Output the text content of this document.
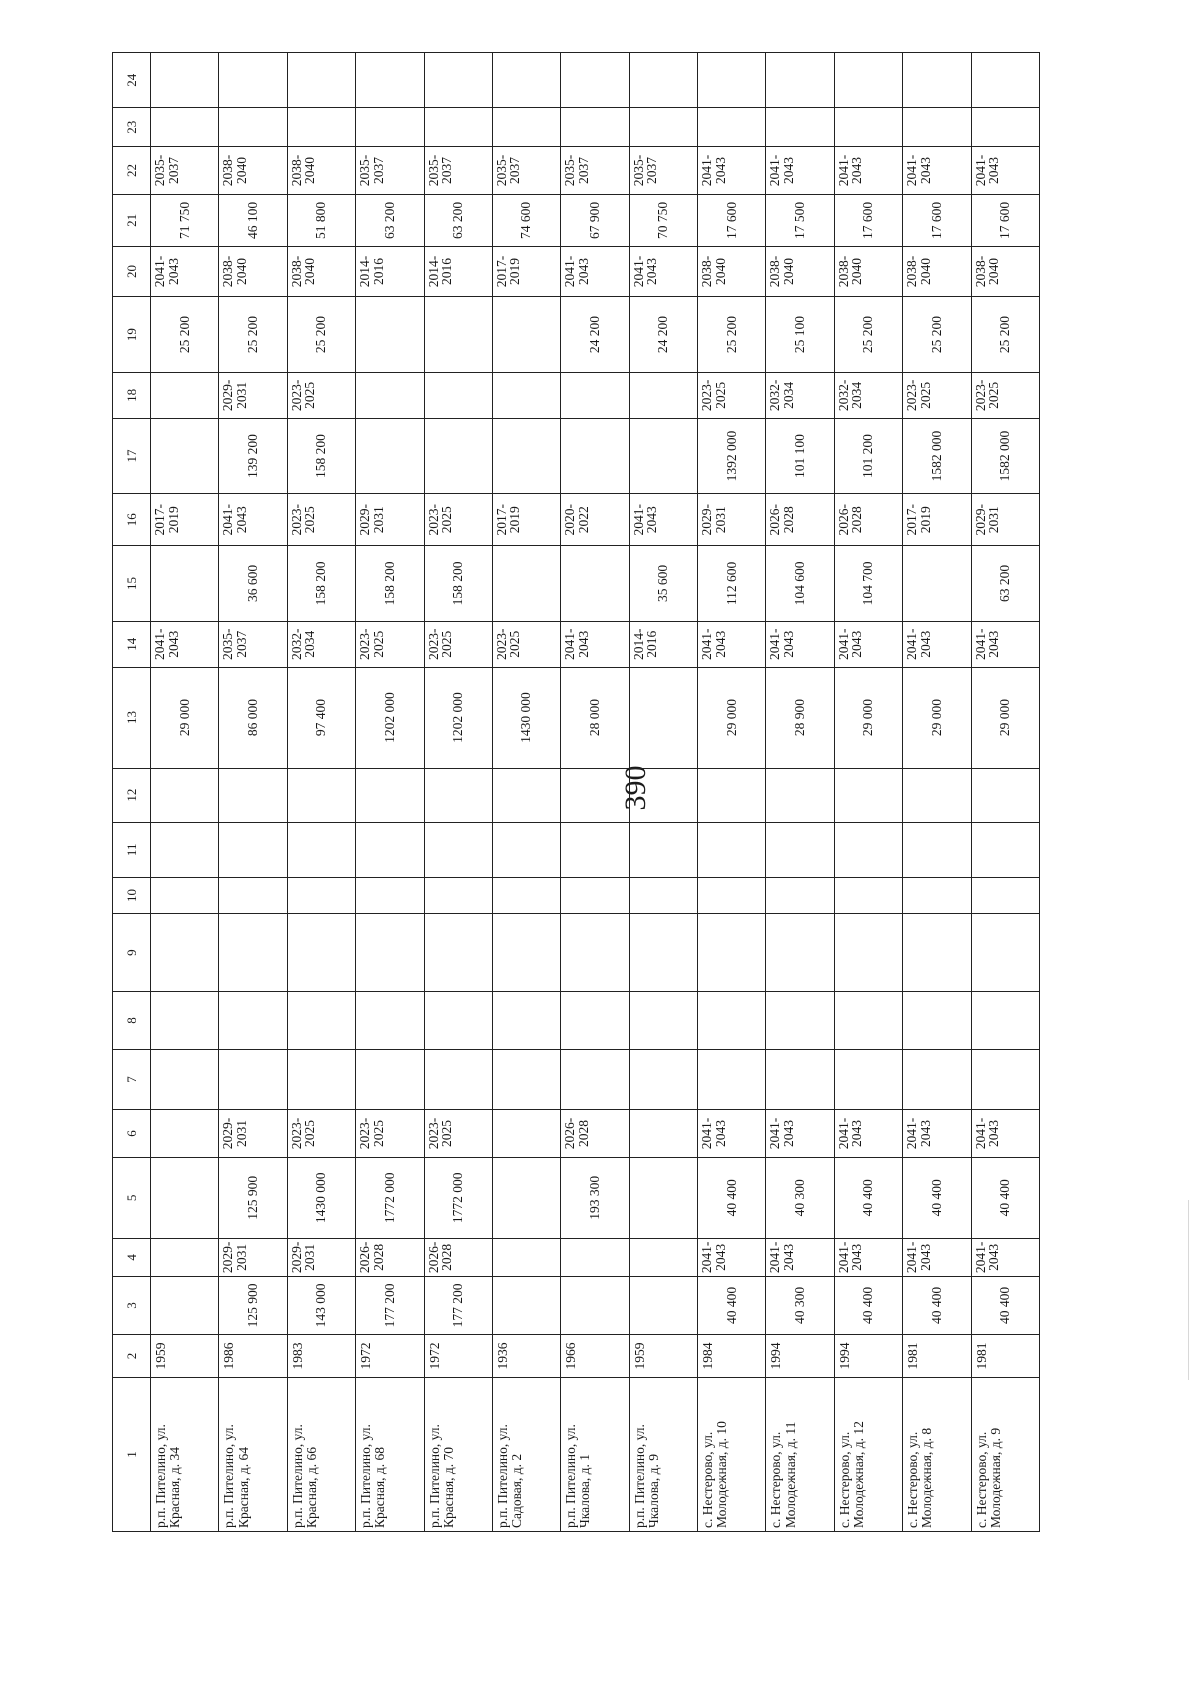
390
1	2	3	4	5	6	7	8	9	10	11	12	13	14	15	16	17	18	19	20	21	22	23	24
р.п. Пителино, ул. Красная, д. 34	1959											29 000	2041-2043		2017-2019			25 200	2041-2043	71 750	2035-2037		
р.п. Пителино, ул. Красная, д. 64	1986	125 900	2029-2031	125 900	2029-2031							86 000	2035-2037	36 600	2041-2043	139 200	2029-2031	25 200	2038-2040	46 100	2038-2040		
р.п. Пителино, ул. Красная, д. 66	1983	143 000	2029-2031	1430 000	2023-2025							97 400	2032-2034	158 200	2023-2025	158 200	2023-2025	25 200	2038-2040	51 800	2038-2040		
р.п. Пителино, ул. Красная, д. 68	1972	177 200	2026-2028	1772 000	2023-2025							1202 000	2023-2025	158 200	2029-2031				2014-2016	63 200	2035-2037		
р.п. Пителино, ул. Красная, д. 70	1972	177 200	2026-2028	1772 000	2023-2025							1202 000	2023-2025	158 200	2023-2025				2014-2016	63 200	2035-2037		
р.п. Пителино, ул. Садовая, д. 2	1936											1430 000	2023-2025		2017-2019				2017-2019	74 600	2035-2037		
р.п. Пителино, ул. Чкалова, д. 1	1966			193 300	2026-2028							28 000	2041-2043		2020-2022			24 200	2041-2043	67 900	2035-2037		
р.п. Пителино, ул. Чкалова, д. 9	1959												2014-2016	35 600	2041-2043			24 200	2041-2043	70 750	2035-2037		
с. Нестерово, ул. Молодежная, д. 10	1984	40 400	2041-2043	40 400	2041-2043							29 000	2041-2043	112 600	2029-2031	1392 000	2023-2025	25 200	2038-2040	17 600	2041-2043		
с. Нестерово, ул. Молодежная, д. 11	1994	40 300	2041-2043	40 300	2041-2043							28 900	2041-2043	104 600	2026-2028	101 100	2032-2034	25 100	2038-2040	17 500	2041-2043		
с. Нестерово, ул. Молодежная, д. 12	1994	40 400	2041-2043	40 400	2041-2043							29 000	2041-2043	104 700	2026-2028	101 200	2032-2034	25 200	2038-2040	17 600	2041-2043		
с. Нестерово, ул. Молодежная, д. 8	1981	40 400	2041-2043	40 400	2041-2043							29 000	2041-2043		2017-2019	1582 000	2023-2025	25 200	2038-2040	17 600	2041-2043		
с. Нестерово, ул. Молодежная, д. 9	1981	40 400	2041-2043	40 400	2041-2043							29 000	2041-2043	63 200	2029-2031	1582 000	2023-2025	25 200	2038-2040	17 600	2041-2043		
